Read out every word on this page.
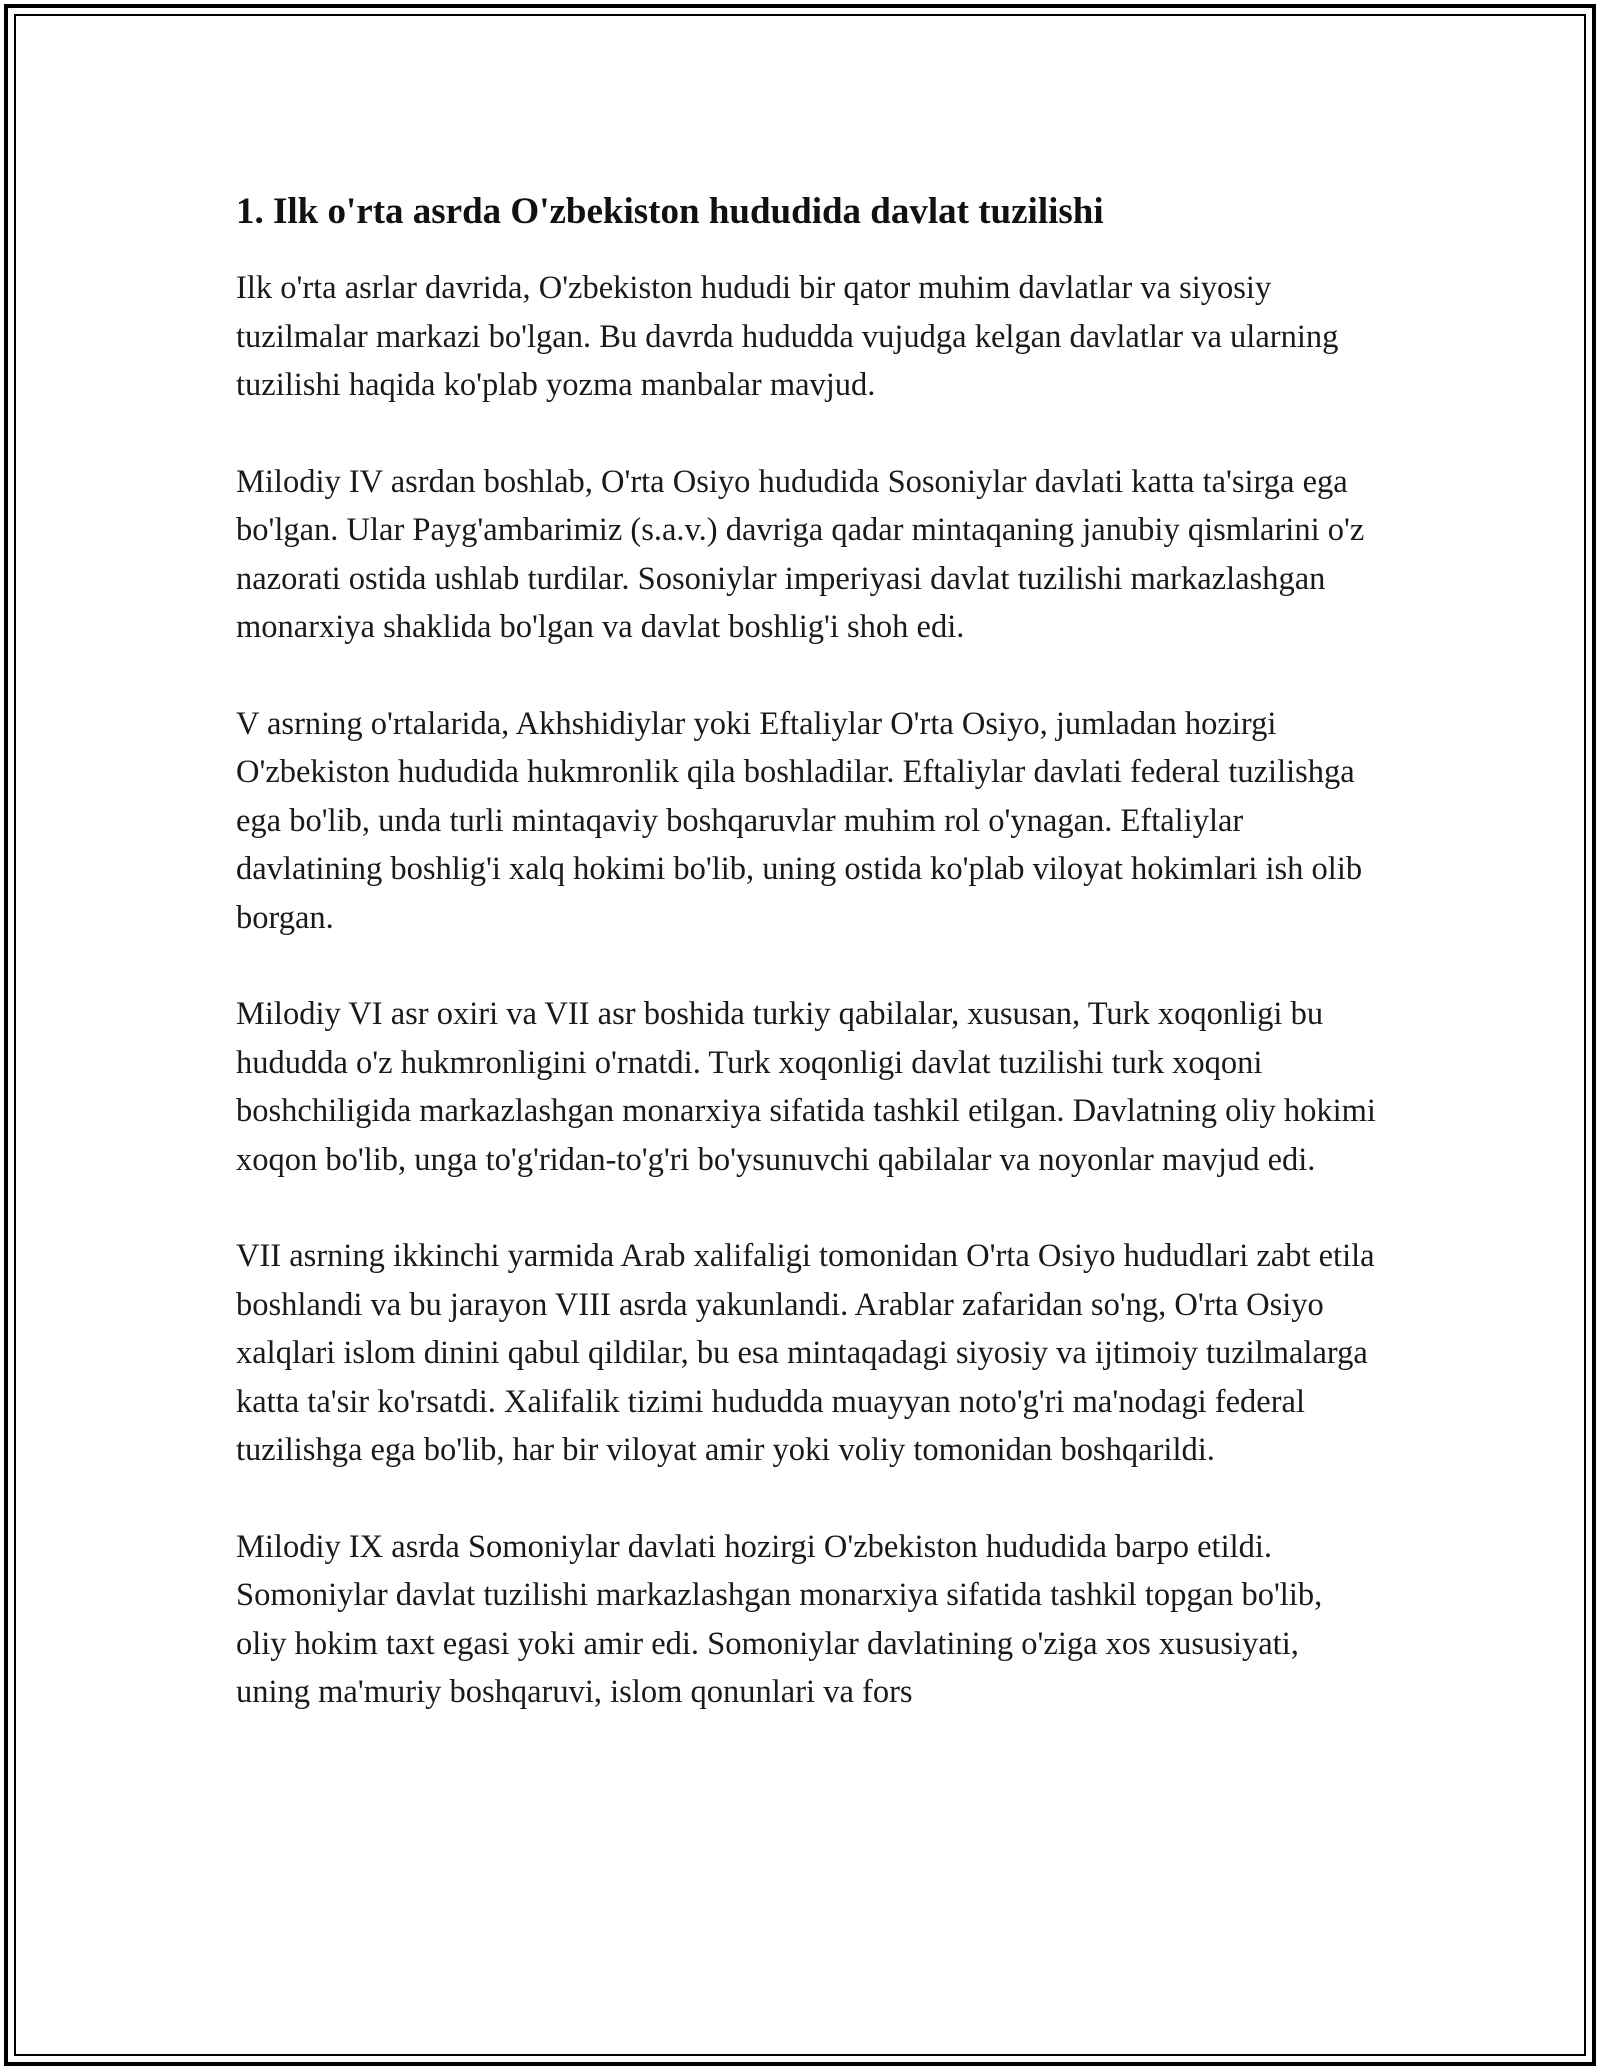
1. Ilk o'rta asrda O'zbekiston hududida davlat tuzilishi

Ilk o'rta asrlar davrida, O'zbekiston hududi bir qator muhim davlatlar va siyosiy tuzilmalar markazi bo'lgan. Bu davrda hududda vujudga kelgan davlatlar va ularning tuzilishi haqida ko'plab yozma manbalar mavjud.

Milodiy IV asrdan boshlab, O'rta Osiyo hududida Sosoniylar davlati katta ta'sirga ega bo'lgan. Ular Payg'ambarimiz (s.a.v.) davriga qadar mintaqaning janubiy qismlarini o'z nazorati ostida ushlab turdilar. Sosoniylar imperiyasi davlat tuzilishi markazlashgan monarxiya shaklida bo'lgan va davlat boshlig'i shoh edi.

V asrning o'rtalarida, Akhshidiylar yoki Eftaliylar O'rta Osiyo, jumladan hozirgi O'zbekiston hududida hukmronlik qila boshladilar. Eftaliylar davlati federal tuzilishga ega bo'lib, unda turli mintaqaviy boshqaruvlar muhim rol o'ynagan. Eftaliylar davlatining boshlig'i xalq hokimi bo'lib, uning ostida ko'plab viloyat hokimlari ish olib borgan.

Milodiy VI asr oxiri va VII asr boshida turkiy qabilalar, xususan, Turk xoqonligi bu hududda o'z hukmronligini o'rnatdi. Turk xoqonligi davlat tuzilishi turk xoqoni boshchiligida markazlashgan monarxiya sifatida tashkil etilgan. Davlatning oliy hokimi xoqon bo'lib, unga to'g'ridan-to'g'ri bo'ysunuvchi qabilalar va noyonlar mavjud edi.

VII asrning ikkinchi yarmida Arab xalifaligi tomonidan O'rta Osiyo hududlari zabt etila boshlandi va bu jarayon VIII asrda yakunlandi. Arablar zafaridan so'ng, O'rta Osiyo xalqlari islom dinini qabul qildilar, bu esa mintaqadagi siyosiy va ijtimoiy tuzilmalarga katta ta'sir ko'rsatdi. Xalifalik tizimi hududda muayyan noto'g'ri ma'nodagi federal tuzilishga ega bo'lib, har bir viloyat amir yoki voliy tomonidan boshqarildi.

Milodiy IX asrda Somoniylar davlati hozirgi O'zbekiston hududida barpo etildi. Somoniylar davlat tuzilishi markazlashgan monarxiya sifatida tashkil topgan bo'lib, oliy hokim taxt egasi yoki amir edi. Somoniylar davlatining o'ziga xos xususiyati, uning ma'muriy boshqaruvi, islom qonunlari va fors
